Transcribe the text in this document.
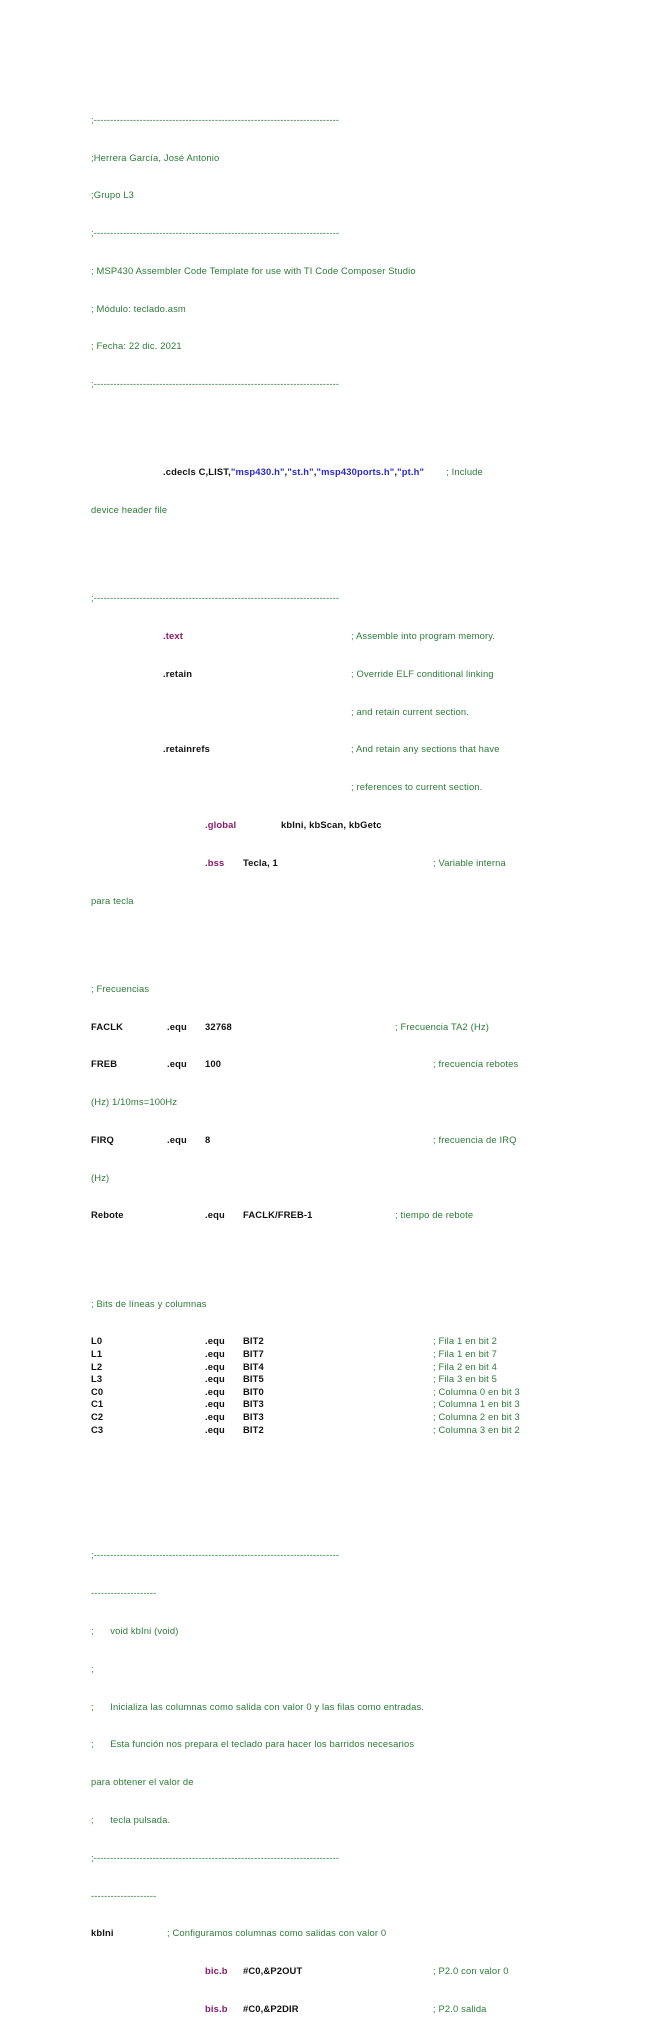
;---------------------------------------------------------------------------

;Herrera García, José Antonio

;Grupo L3

;---------------------------------------------------------------------------

; MSP430 Assembler Code Template for use with TI Code Composer Studio

; Módulo: teclado.asm

; Fecha: 22 dic. 2021

;---------------------------------------------------------------------------

.cdecls C,LIST,"msp430.h","st.h","msp430ports.h","pt.h" ; Include

device header file

;---------------------------------------------------------------------------

.text	; Assemble into program memory.

.retain	; Override ELF conditional linking

; and retain current section.

.retainrefs	; And retain any sections that have

; references to current section.

.global	kbIni, kbScan, kbGetc

.bss Tecla, 1	; Variable interna

para tecla

; Frecuencias

FACLK	.equ 32768	; Frecuencia TA2 (Hz)

FREB	.equ 100	; frecuencia rebotes

(Hz) 1/10ms=100Hz

FIRQ	.equ 8	; frecuencia de IRQ

(Hz)

Rebote	.equ FACLK/FREB-1	; tiempo de rebote

; Bits de líneas y columnas

L0	.equ BIT2	; Fila 1 en bit 2
L1	.equ BIT7	; Fila 1 en bit 7
L2	.equ BIT4	; Fila 2 en bit 4
L3	.equ BIT5	; Fila 3 en bit 5
C0	.equ BIT0	; Columna 0 en bit 3
C1	.equ BIT3	; Columna 1 en bit 3
C2	.equ BIT3	; Columna 2 en bit 3
C3	.equ BIT2	; Columna 3 en bit 2

;---------------------------------------------------------------------------

--------------------

;      void kbIni (void)

;

;      Inicializa las columnas como salida con valor 0 y las filas como entradas.

;      Esta función nos prepara el teclado para hacer los barridos necesarios

para obtener el valor de

;      tecla pulsada.

;---------------------------------------------------------------------------

--------------------

kbIni	; Configuramos columnas como salidas con valor 0

bic.b #C0,&P2OUT	; P2.0 con valor 0

bis.b #C0,&P2DIR	; P2.0 salida
